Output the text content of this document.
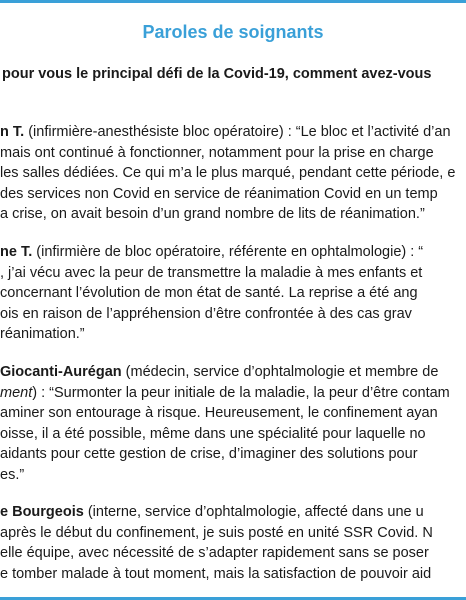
Paroles de soignants
pour vous le principal défi de la Covid-19, comment avez-vous
n T. (infirmière-anesthésiste bloc opératoire) : “Le bloc et l’activité d’an
mais ont continué à fonctionner, notamment pour la prise en charge
les salles dédiées. Ce qui m’a le plus marqué, pendant cette période, e
des services non Covid en service de réanimation Covid en un temp
a crise, on avait besoin d’un grand nombre de lits de réanimation.”
ne T. (infirmière de bloc opératoire, référente en ophtalmologie) : “
, j’ai vécu avec la peur de transmettre la maladie à mes enfants et
concernant l’évolution de mon état de santé. La reprise a été ang
ois en raison de l’appréhension d’être confrontée à des cas grav
réanimation.”
Giocanti-Aurégan (médecin, service d’ophtalmologie et membre de
ment) : “Surmonter la peur initiale de la maladie, la peur d’être contam
aminer son entourage à risque. Heureusement, le confinement ayan
oisse, il a été possible, même dans une spécialité pour laquelle no
aidants pour cette gestion de crise, d’imaginer des solutions pour
es.”
e Bourgeois (interne, service d’ophtalmologie, affecté dans une u
après le début du confinement, je suis posté en unité SSR Covid. N
elle équipe, avec nécessité de s’adapter rapidement sans se poser
e tomber malade à tout moment, mais la satisfaction de pouvoir aid
